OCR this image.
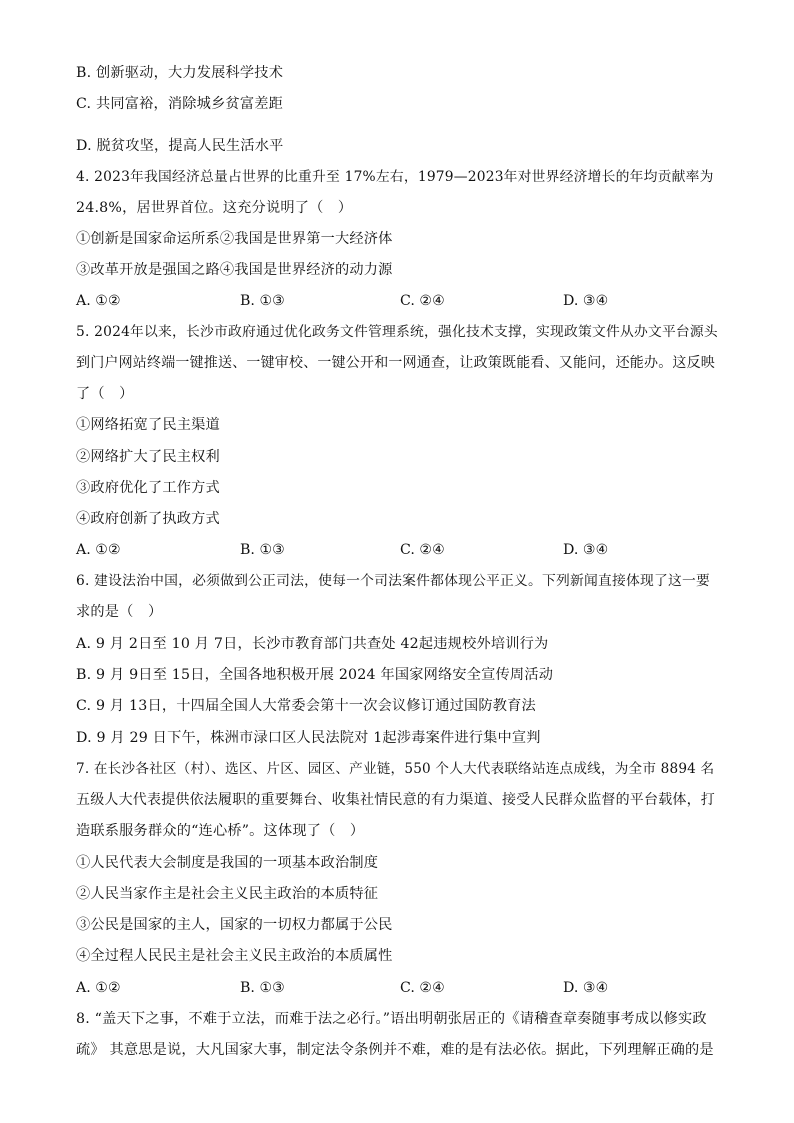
B. 创新驱动，大力发展科学技术
C. 共同富裕，消除城乡贫富差距
D. 脱贫攻坚，提高人民生活水平
4. 2023年我国经济总量占世界的比重升至 17%左右，1979—2023年对世界经济增长的年均贡献率为
24.8%，居世界首位。这充分说明了（　）
①创新是国家命运所系②我国是世界第一大经济体
③改革开放是强国之路④我国是世界经济的动力源
A. ①②	B. ①③	C. ②④	D. ③④
5. 2024年以来，长沙市政府通过优化政务文件管理系统，强化技术支撑，实现政策文件从办文平台源头
到门户网站终端一键推送、一键审校、一键公开和一网通查，让政策既能看、又能问，还能办。这反映
了（　）
①网络拓宽了民主渠道
②网络扩大了民主权利
③政府优化了工作方式
④政府创新了执政方式
A. ①②	B. ①③	C. ②④	D. ③④
6. 建设法治中国，必须做到公正司法，使每一个司法案件都体现公平正义。下列新闻直接体现了这一要
求的是（　）
A. 9 月 2日至 10 月 7日，长沙市教育部门共查处 42起违规校外培训行为
B. 9 月 9日至 15日，全国各地积极开展 2024 年国家网络安全宣传周活动
C. 9 月 13日，十四届全国人大常委会第十一次会议修订通过国防教育法
D. 9 月 29 日下午，株洲市渌口区人民法院对 1起涉毒案件进行集中宣判
7. 在长沙各社区（村）、选区、片区、园区、产业链，550 个人大代表联络站连点成线，为全市 8894 名
五级人大代表提供依法履职的重要舞台、收集社情民意的有力渠道、接受人民群众监督的平台载体，打
造联系服务群众的“连心桥”。这体现了（　）
①人民代表大会制度是我国的一项基本政治制度
②人民当家作主是社会主义民主政治的本质特征
③公民是国家的主人，国家的一切权力都属于公民
④全过程人民民主是社会主义民主政治的本质属性
A. ①②	B. ①③	C. ②④	D. ③④
8. “盖天下之事，不难于立法，而难于法之必行。”语出明朝张居正的《请稽查章奏随事考成以修实政
疏》 其意思是说，大凡国家大事，制定法令条例并不难，难的是有法必依。据此，下列理解正确的是
